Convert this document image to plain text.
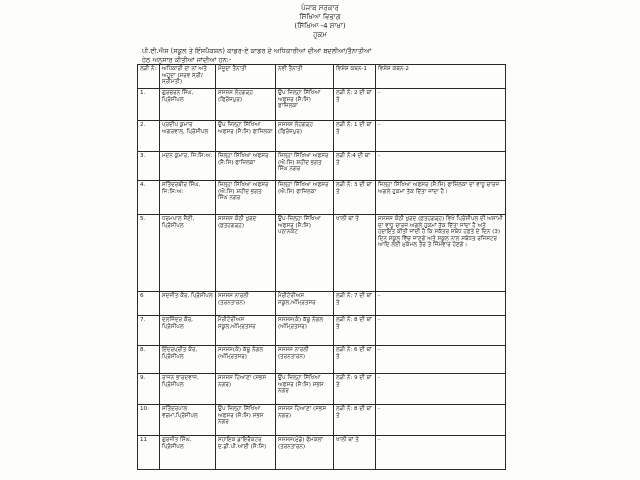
ਪੰਜਾਬ ਸਰਕਾਰ

ਸਿੱਖਿਆ ਵਿਭਾਗ

(ਸਿੱਖਿਆ -4 ਸ਼ਾਖਾ)

ਹੁਕਮ

ਪੀ.ਈ.ਐਸ (ਸਕੂਲ ਤੇ ਇੰਸਪੈਕਸ਼ਨ) ਕਾਡਰ-ਏ ਕਾਡਰ ਦੇ ਅਧਿਕਾਰੀਆਂ ਦੀਆਂ ਬਦਲੀਆਂ/ਤੈਨਾਤੀਆਂ
ਹੇਠ ਅਨੁਸਾਰ ਕੀਤੀਆਂ ਜਾਂਦੀਆਂ ਹਨ:-
ਲੜੀ ਨੰ:	ਅਧਿਕਾਰੀ ਦਾ ਨਾਂ ਅਤੇ ਅਹੁਦਾ (ਸਰਵ ਸ੍ਰੀ/ਸ੍ਰੀਮਤੀ)	ਮੌਜੂਦਾ ਤੈਨਾਤੀ	ਨਵੀਂ ਤੈਨਾਤੀ	ਵਿਸ਼ੇਸ਼ ਕਥਨ-1	ਵਿਸ਼ੇਸ਼ ਕਥਨ-2
1.	ਗੁਰਚਰਨ ਸਿੰਘ, ਪ੍ਰਿੰਸੀਪਲ	ਸਸਸਸ ਲੋਹਗੜ੍ਹ (ਫਿਰੋਜ਼ਪੁਰ)	ਉਪ ਜ਼ਿਲ੍ਹਾ ਸਿੱਖਿਆ ਅਫਸਰ (ਸੈ:ਸਿ) ਫਾਜ਼ਿਲਕਾ	ਲੜੀ ਨੰ: 2 ਦੀ ਥਾਂ ਤੇ	-
2.	ਪ੍ਰਦੀਪ ਕੁਮਾਰ ਅਗਰਵਾਲ, ਪ੍ਰਿੰਸੀਪਲ	ਉਪ ਜ਼ਿਲ੍ਹਾ ਸਿੱਖਿਆ ਅਫਸਰ (ਸੈ:ਸਿ) ਫਾਜ਼ਿਲਕਾ	ਸਸਸਸ ਲੋਹਗੜ੍ਹ (ਫਿਰੋਜ਼ਪੁਰ)	ਲੜੀ ਨੰ: 1 ਦੀ ਥਾਂ ਤੇ	-
3.	ਮਦਨ ਕੁਮਾਰ, ਜਿ:ਸਿ:ਅ:	ਜ਼ਿਲ੍ਹਾ ਸਿੱਖਿਆ ਅਫਸਰ (ਸੈ:ਸਿ) ਫਾਜ਼ਿਲਕਾ	ਜ਼ਿਲ੍ਹਾ ਸਿੱਖਿਆ ਅਫਸਰ (ਐ:ਸਿ) ਸ਼ਹੀਦ ਭਗਤ ਸਿੰਘ ਨਗਰ	ਲੜੀ ਨੰ:4 ਦੀ ਥਾਂ ਤੇ	-
4.	ਸਤਿੰਦਰਬੀਰ ਸਿੰਘ, ਜਿ:ਸਿ:ਅ:	ਜ਼ਿਲ੍ਹਾ ਸਿੱਖਿਆ ਅਫਸਰ (ਐ:ਸਿ) ਸ਼ਹੀਦ ਭਗਤ ਸਿੰਘ ਨਗਰ	ਜ਼ਿਲ੍ਹਾ ਸਿੱਖਿਆ ਅਫਸਰ (ਐ:ਸਿ) ਫਾਜ਼ਿਲਕਾ	ਲੜੀ ਨੰ: 3 ਦੀ ਥਾਂ ਤੇ	ਜ਼ਿਲ੍ਹਾ ਸਿੱਖਿਆ ਅਫਸਰ (ਸੈ:ਸਿ) ਫਾਜ਼ਿਲਕਾ ਦਾ ਵਾਧੂ ਚਾਰਜ ਅਗਲੇ ਹੁਕਮਾਂ ਤੱਕ ਦਿੱਤਾ ਜਾਂਦਾ ਹੈ।
5.	ਧਰਮਪਾਲ ਸੈਣੀ, ਪ੍ਰਿੰਸੀਪਲ	ਸਸਸਸ ਕੋਠੀ ਖੁਰਦ (ਫ਼ਤਹਗੜ੍ਹ)	ਉਪ-ਜ਼ਿਲ੍ਹਾ ਸਿੱਖਿਆ ਅਫਸਰ (ਸੈ:ਸਿ) ਪਠਾਨਕੋਟ	ਖਾਲੀ ਥਾਂ ਤੇ	ਸਸਸਸ ਕੋਠੀ ਖੁਰਦ (ਫ਼ਤਹਗੜ੍ਹ) ਵਿਖੇ ਪ੍ਰਿੰਸੀਪਲ ਦੀ ਅਸਾਮੀ ਦਾ ਵਾਧੂ ਚਾਰਜ ਅਗਲੇ ਹੁਕਮਾਂ ਤੱਕ ਦਿੱਤਾ ਜਾਂਦਾ ਹੈ ਅਤੇ ਹਦਾਇਤ ਕੀਤੀ ਜਾਂਦੀ ਹੈ ਕਿ ਸਕੱਤਰ ਸਬੰਧ ਹਫ਼ਤੇ ਦੇ ਦਿਨ (3) ਦਿਨ ਸਕੂਲ ਵਿੱਚ ਜਾਣਗੇ ਅਤੇ ਸਕੂਲ ਨਾਲ ਸਬੰਧਤ ਰਜਿਸਟਰ ਆਦਿ ਲਈ ਮੁਕੰਮਲ ਤੌਰ ਤੇ ਜਿੰਮੇਵਾਰ ਹੋਣਗੇ।
6	ਸਦਜੀਤ ਕੌਰ, ਪ੍ਰਿੰਸੀਪਲ	ਸਸਸਸ ਨਾਰਲੀ (ਤਰਨਤਾਰਨ)	ਮੈਰੀਟੋਰੀਅਸ ਸਕੂਲ,ਅੰਮ੍ਰਿਤਸਰ	ਲੜੀ ਨੰ: 7 ਦੀ ਥਾਂ ਤੇ	-
7.	ਦਲਜਿੰਦਰ ਕੌਰ, ਪ੍ਰਿੰਸੀਪਲ	ਮੈਰੀਟੋਰੀਅਸ ਸਕੂਲ,ਅੰਮ੍ਰਿਤਸਰ	ਸਸਸਸ(ਕੰ) ਕੱਥੂ ਨੰਗਲ (ਅੰਮ੍ਰਿਤਸਰ)	ਲੜੀ ਨੰ: 8 ਦੀ ਥਾਂ ਤੇ	-
8.	ਇੰਦਰਪ੍ਰੀਤ ਕੌਰ, ਪ੍ਰਿੰਸੀਪਲ	ਸਸਸਸ(ਕੰ) ਕੱਥੂ ਨੰਗਲ (ਅੰਮ੍ਰਿਤਸਰ)	ਸਸਸਸ ਨਾਰਲੀ (ਤਰਨਤਾਰਨ)	ਲੜੀ ਨੰ: 6 ਦੀ ਥਾਂ ਤੇ	-
9.	ਰਾਜਨ ਭਾਰਦਵਾਜ, ਪ੍ਰਿੰਸੀਪਲ	ਸਸਸਸ ਹਿਆਣਾ (ਸਭਸ ਨਗਰ)	ਉਪ ਜ਼ਿਲ੍ਹਾ ਸਿੱਖਿਆ ਅਫਸਰ (ਸੈ:ਸਿ) ਸਭਸ ਨਗਰ	ਲੜੀ ਨੰ: 9 ਦੀ ਥਾਂ ਤੇ	-
10.	ਸਤਿੰਦਰਪਾਲ ਵਰਮਾ,ਪ੍ਰਿੰਸੀਪਲ	ਉਪ ਜ਼ਿਲ੍ਹਾ ਸਿੱਖਿਆ ਅਫਸਰ (ਸੈ:ਸਿ) ਸਭਸ ਨਗਰ	ਸਸਸਸ ਹਿਆਣਾ (ਸਭਸ ਨਗਰ)	ਲੜੀ ਨੰ: 8 ਦੀ ਥਾਂ ਤੇ	-
11	ਗੁਰਜੀਤ ਸਿੰਘ, ਪ੍ਰਿੰਸੀਪਲ	ਸਹਾਇਕ ਡਾਇਰੈਕਟਰ ਦ.ਡੀ.ਪੀ.ਆਈ (ਸੈ:ਸਿ)	ਸਸਸਸ(ਮੁੰਡੇ) ਫੇਮਕਲਾਂ (ਤਰਨਤਾਰਨ)	ਖਾਲੀ ਥਾਂ ਤੇ	-
